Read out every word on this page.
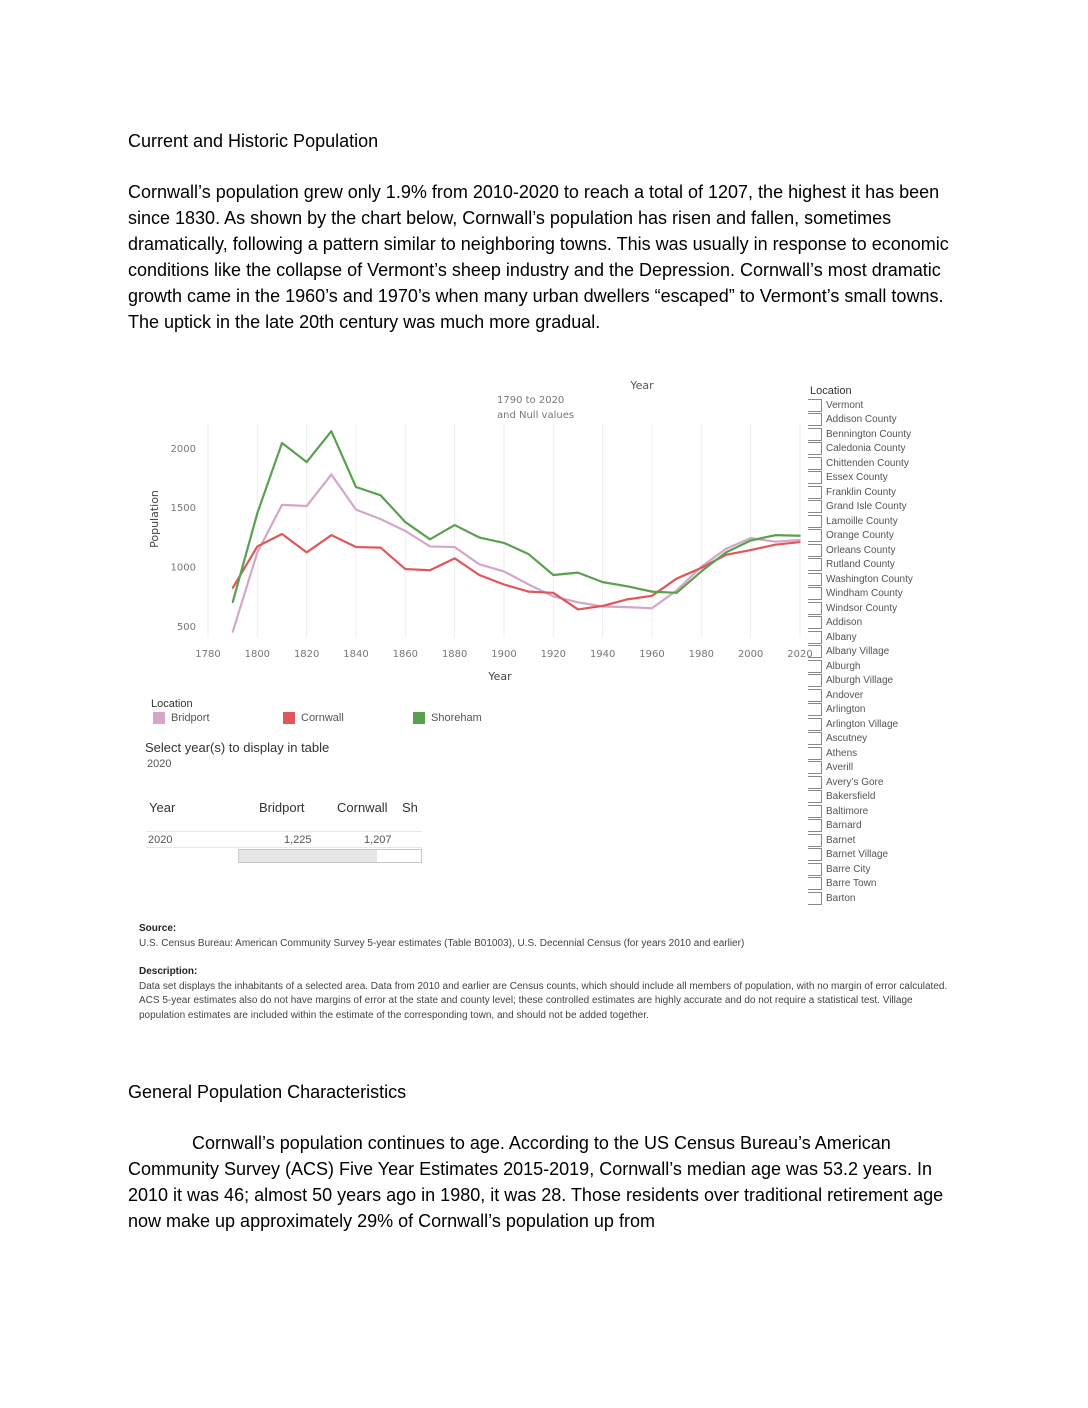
Current and Historic Population
Cornwall’s population grew only 1.9% from 2010-2020 to reach a total of 1207, the highest it has been since 1830. As shown by the chart below, Cornwall’s population has risen and fallen, sometimes dramatically, following a pattern similar to neighboring towns. This was usually in response to economic conditions like the collapse of Vermont’s sheep industry and the Depression. Cornwall’s most dramatic growth came in the 1960’s and 1970’s when many urban dwellers “escaped” to Vermont’s small towns. The uptick in the late 20th century was much more gradual.
Year
1790 to 2020
and Null values
500
1000
1500
2000
1780 1800 1820 1840 1860 1880 1900 1920 1940 1960 1980 2000 2020
Year
Population
Location
Bridport	Cornwall	Shoreham
Select year(s) to display in table
2020
Year	Bridport Cornwall Sh
2020	1,225	1,207
Location
Vermont
Addison County
Bennington County
Caledonia County
Chittenden County
Essex County
Franklin County
Grand Isle County
Lamoille County
Orange County
Orleans County
Rutland County
Washington County
Windham County
Windsor County
Addison
Albany
Albany Village
Alburgh
Alburgh Village
Andover
Arlington
Arlington Village
Ascutney
Athens
Averill
Avery’s Gore
Bakersfield
Baltimore
Barnard
Barnet
Barnet Village
Barre City
Barre Town
Barton
Source:
U.S. Census Bureau: American Community Survey 5-year estimates (Table B01003), U.S. Decennial Census (for years 2010 and earlier)
Description:
Data set displays the inhabitants of a selected area. Data from 2010 and earlier are Census counts, which should include all members of population, with no margin of error calculated. ACS 5-year estimates also do not have margins of error at the state and county level; these controlled estimates are highly accurate and do not require a statistical test. Village population estimates are included within the estimate of the corresponding town, and should not be added together.
General Population Characteristics
Cornwall’s population continues to age. According to the US Census Bureau’s American Community Survey (ACS) Five Year Estimates 2015-2019, Cornwall’s median age was 53.2 years. In 2010 it was 46; almost 50 years ago in 1980, it was 28. Those residents over traditional retirement age now make up approximately 29% of Cornwall’s population up from
